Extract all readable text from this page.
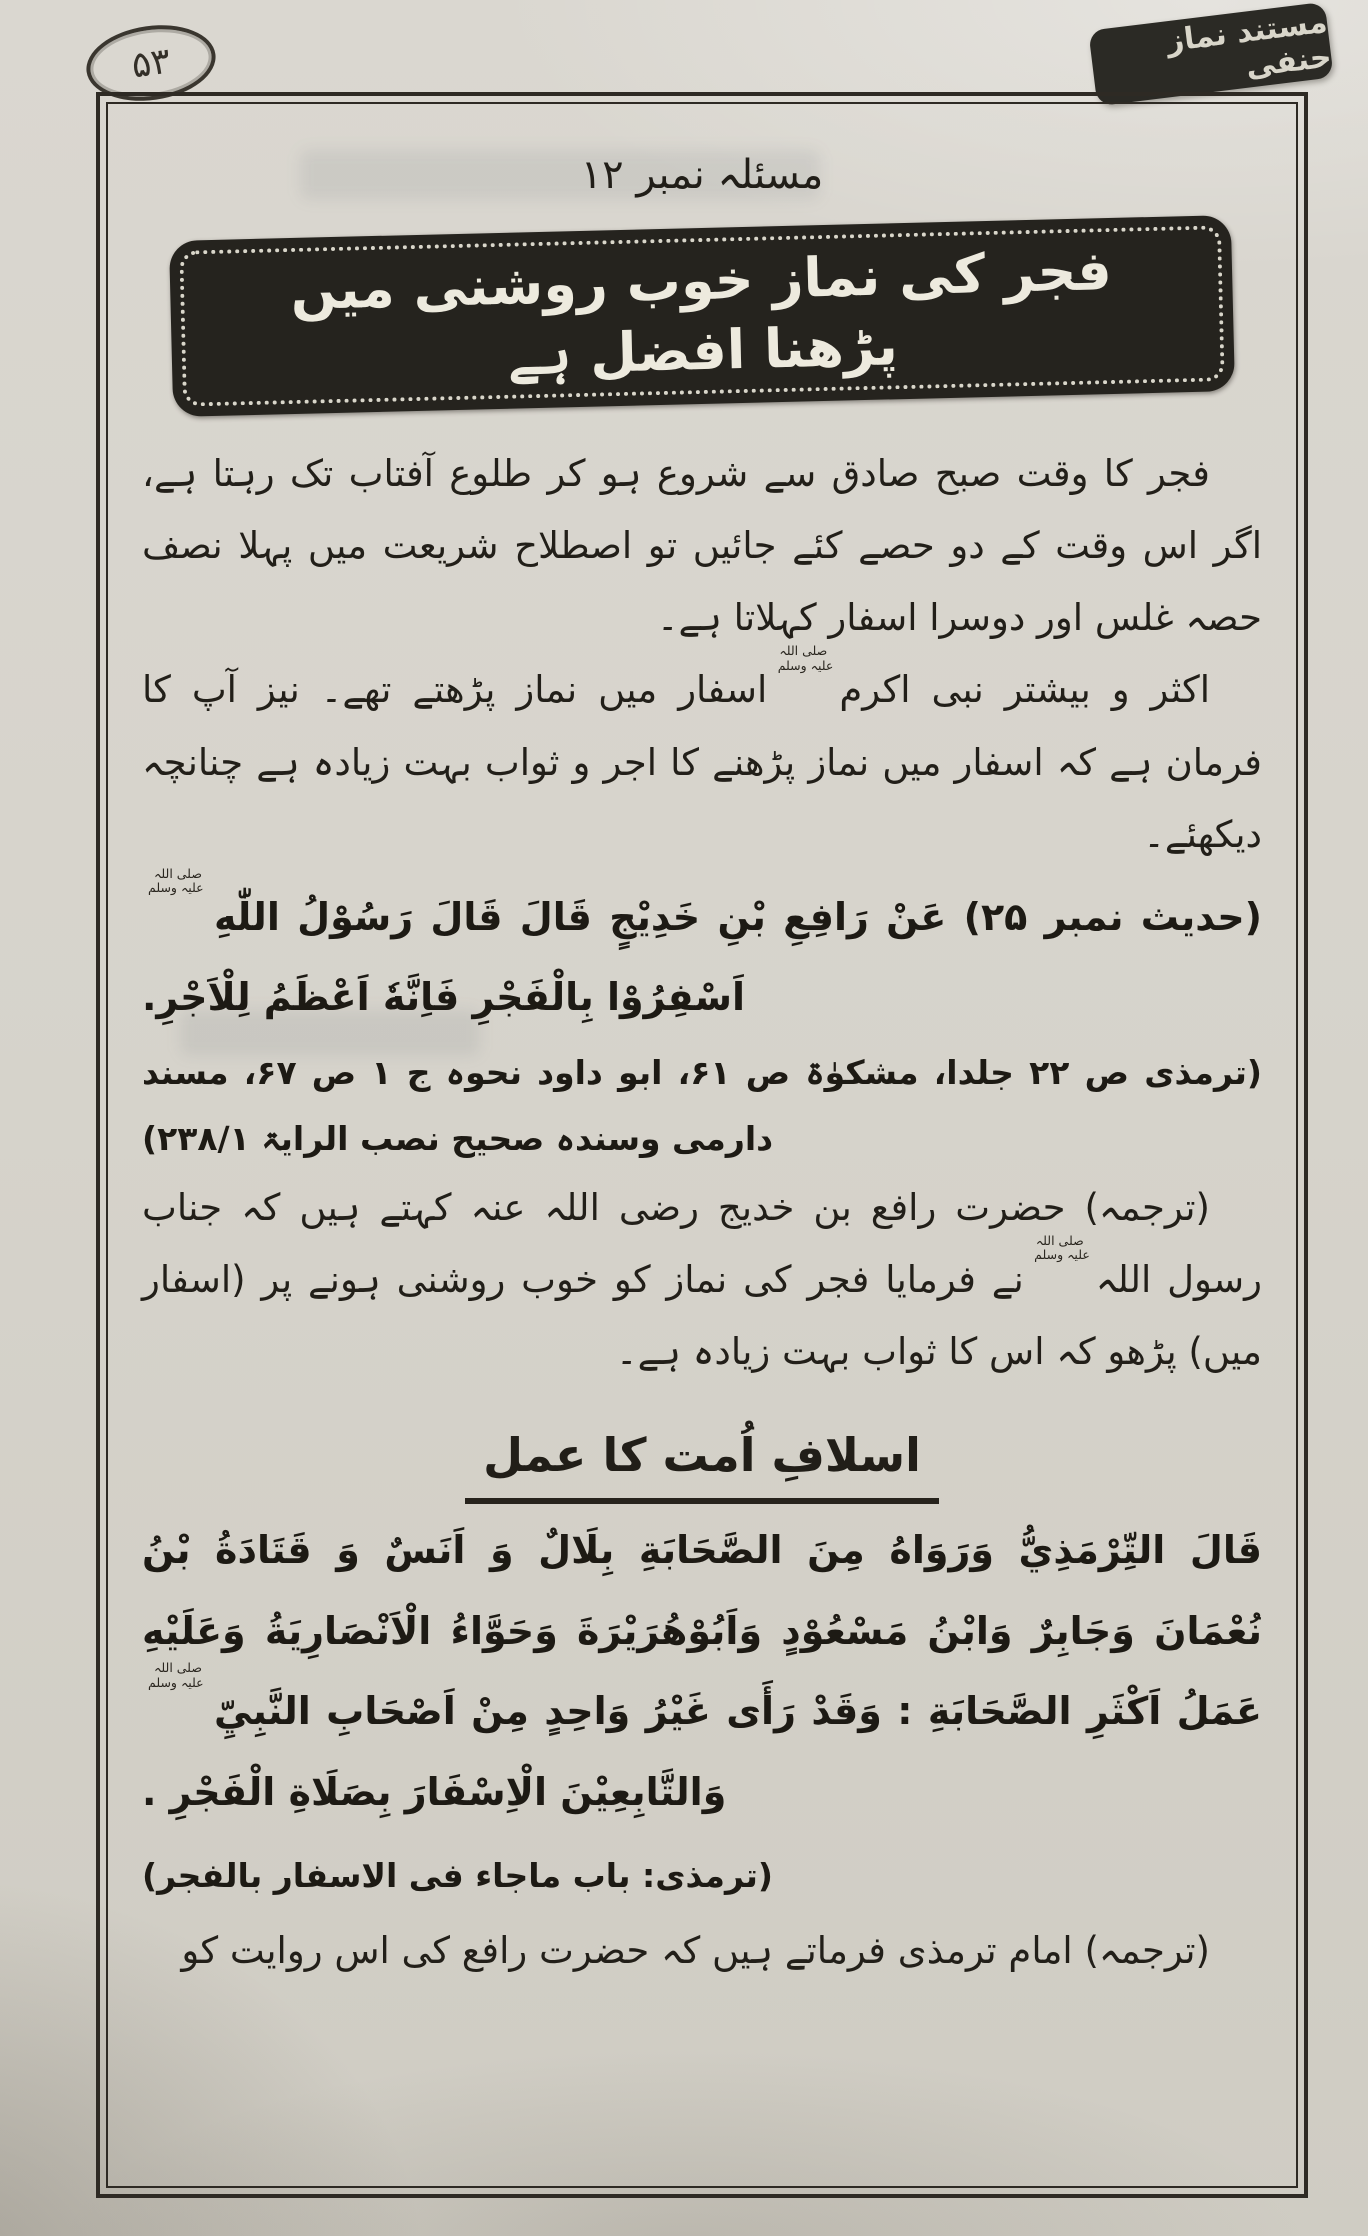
۵۳
مستند نماز حنفی
مسئلہ نمبر ۱۲
فجر کی نماز خوب روشنی میں پڑھنا افضل ہے

فجر کا وقت صبح صادق سے شروع ہو کر طلوع آفتاب تک رہتا ہے، اگر اس وقت کے دو حصے کئے جائیں تو اصطلاح شریعت میں پہلا نصف حصہ غلس اور دوسرا اسفار کہلاتا ہے۔

اکثر و بیشتر نبی اکرمصلی اللہ علیہ وسلماسفار میں نماز پڑھتے تھے۔ نیز آپ کا فرمان ہے کہ اسفار میں نماز پڑھنے کا اجر و ثواب بہت زیادہ ہے چنانچہ دیکھئے۔

(حدیث نمبر ۲۵) عَنْ رَافِعِ بْنِ خَدِيْجٍ قَالَ قَالَ رَسُوْلُ اللّٰهِصلی اللہ علیہ وسلماَسْفِرُوْا بِالْفَجْرِ فَاِنَّهٗ اَعْظَمُ لِلْاَجْرِ.

(ترمذی ص ۲۲ جلدا، مشکوٰۃ ص ۶۱، ابو داود نحوہ ج ۱ ص ۶۷، مسند دارمی وسندہ صحیح نصب الرایۃ ۲۳۸/۱)

(ترجمہ) حضرت رافع بن خدیج رضی اللہ عنہ کہتے ہیں کہ جناب رسول اللہصلی اللہ علیہ وسلمنے فرمایا فجر کی نماز کو خوب روشنی ہونے پر (اسفار میں) پڑھو کہ اس کا ثواب بہت زیادہ ہے۔

اسلافِ اُمت کا عمل

قَالَ التِّرْمَذِيُّ وَرَوَاهُ مِنَ الصَّحَابَةِ بِلَالٌ وَ اَنَسٌ وَ قَتَادَةُ بْنُ نُعْمَانَ وَجَابِرٌ وَابْنُ مَسْعُوْدٍ وَاَبُوْهُرَيْرَةَ وَحَوَّاءُ الْاَنْصَارِيَةُ وَعَلَيْهِ عَمَلُ اَكْثَرِ الصَّحَابَةِ : وَقَدْ رَأَى غَيْرُ وَاحِدٍ مِنْ اَصْحَابِ النَّبِيِّصلی اللہ علیہ وسلموَالتَّابِعِيْنَ الْاِسْفَارَ بِصَلَاةِ الْفَجْرِ .

(ترمذی: باب ماجاء فی الاسفار بالفجر)

(ترجمہ) امام ترمذی فرماتے ہیں کہ حضرت رافع کی اس روایت کو
